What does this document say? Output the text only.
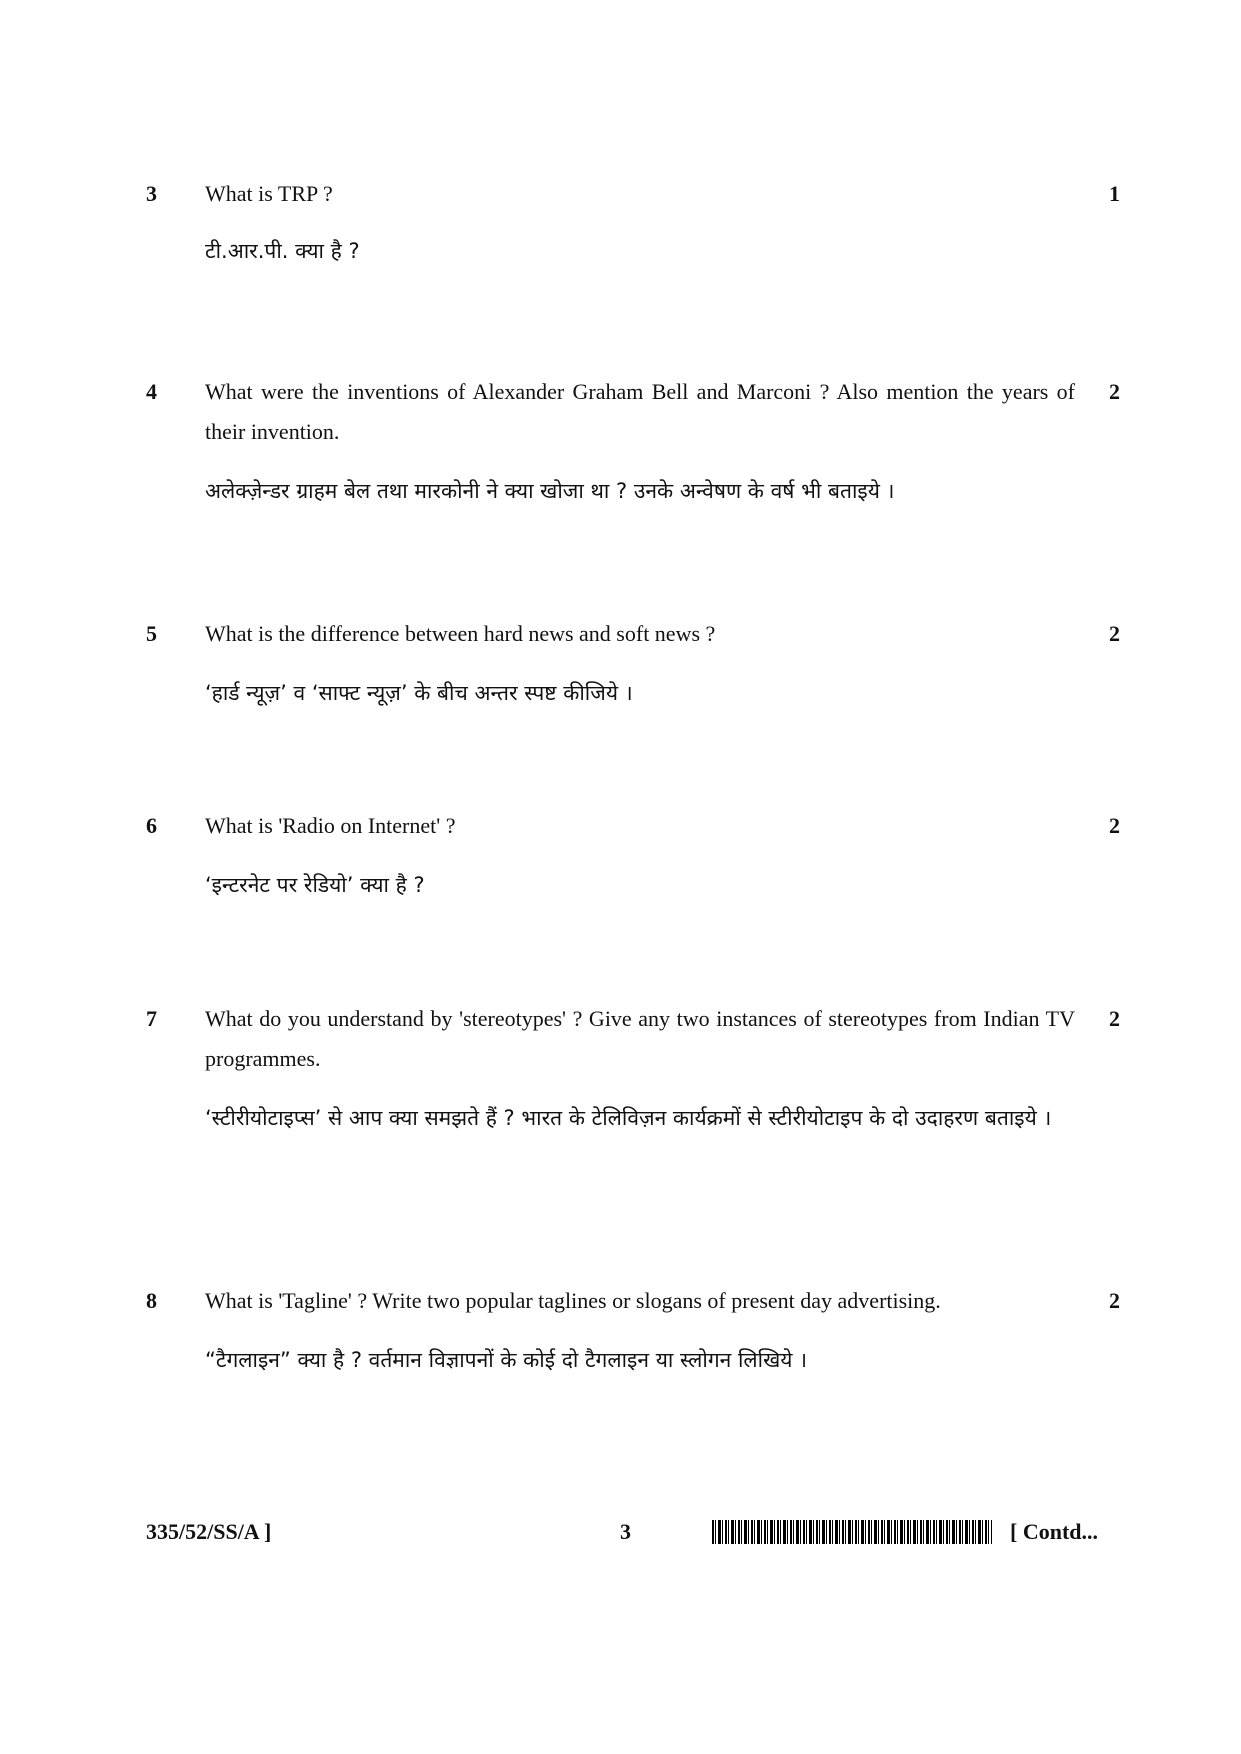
3 What is TRP ?	1
टी.आर.पी. क्या है ?
4 What were the inventions of Alexander Graham Bell and Marconi ? Also mention the years of their invention.
2
अलेक्ज़ेन्डर ग्राहम बेल तथा मारकोनी ने क्या खोजा था ? उनके अन्वेषण के वर्ष भी बताइये ।
5 What is the difference between hard news and soft news ?	2
‘हार्ड न्यूज़’ व ‘साफ्ट न्यूज़’ के बीच अन्तर स्पष्ट कीजिये ।
6 What is 'Radio on Internet' ?	2
‘इन्टरनेट पर रेडियो’ क्या है ?
7 What do you understand by 'stereotypes' ? Give any two instances of stereotypes from Indian TV programmes.
2
‘स्टीरीयोटाइप्स’ से आप क्या समझते हैं ? भारत के टेलिविज़न कार्यक्रमों से स्टीरीयोटाइप के दो उदाहरण बताइये ।
8 What is 'Tagline' ? Write two popular taglines or slogans of present day advertising.	2
“टैगलाइन” क्या है ? वर्तमान विज्ञापनों के कोई दो टैगलाइन या स्लोगन लिखिये ।
335/52/SS/A ]	3	[ Contd...
